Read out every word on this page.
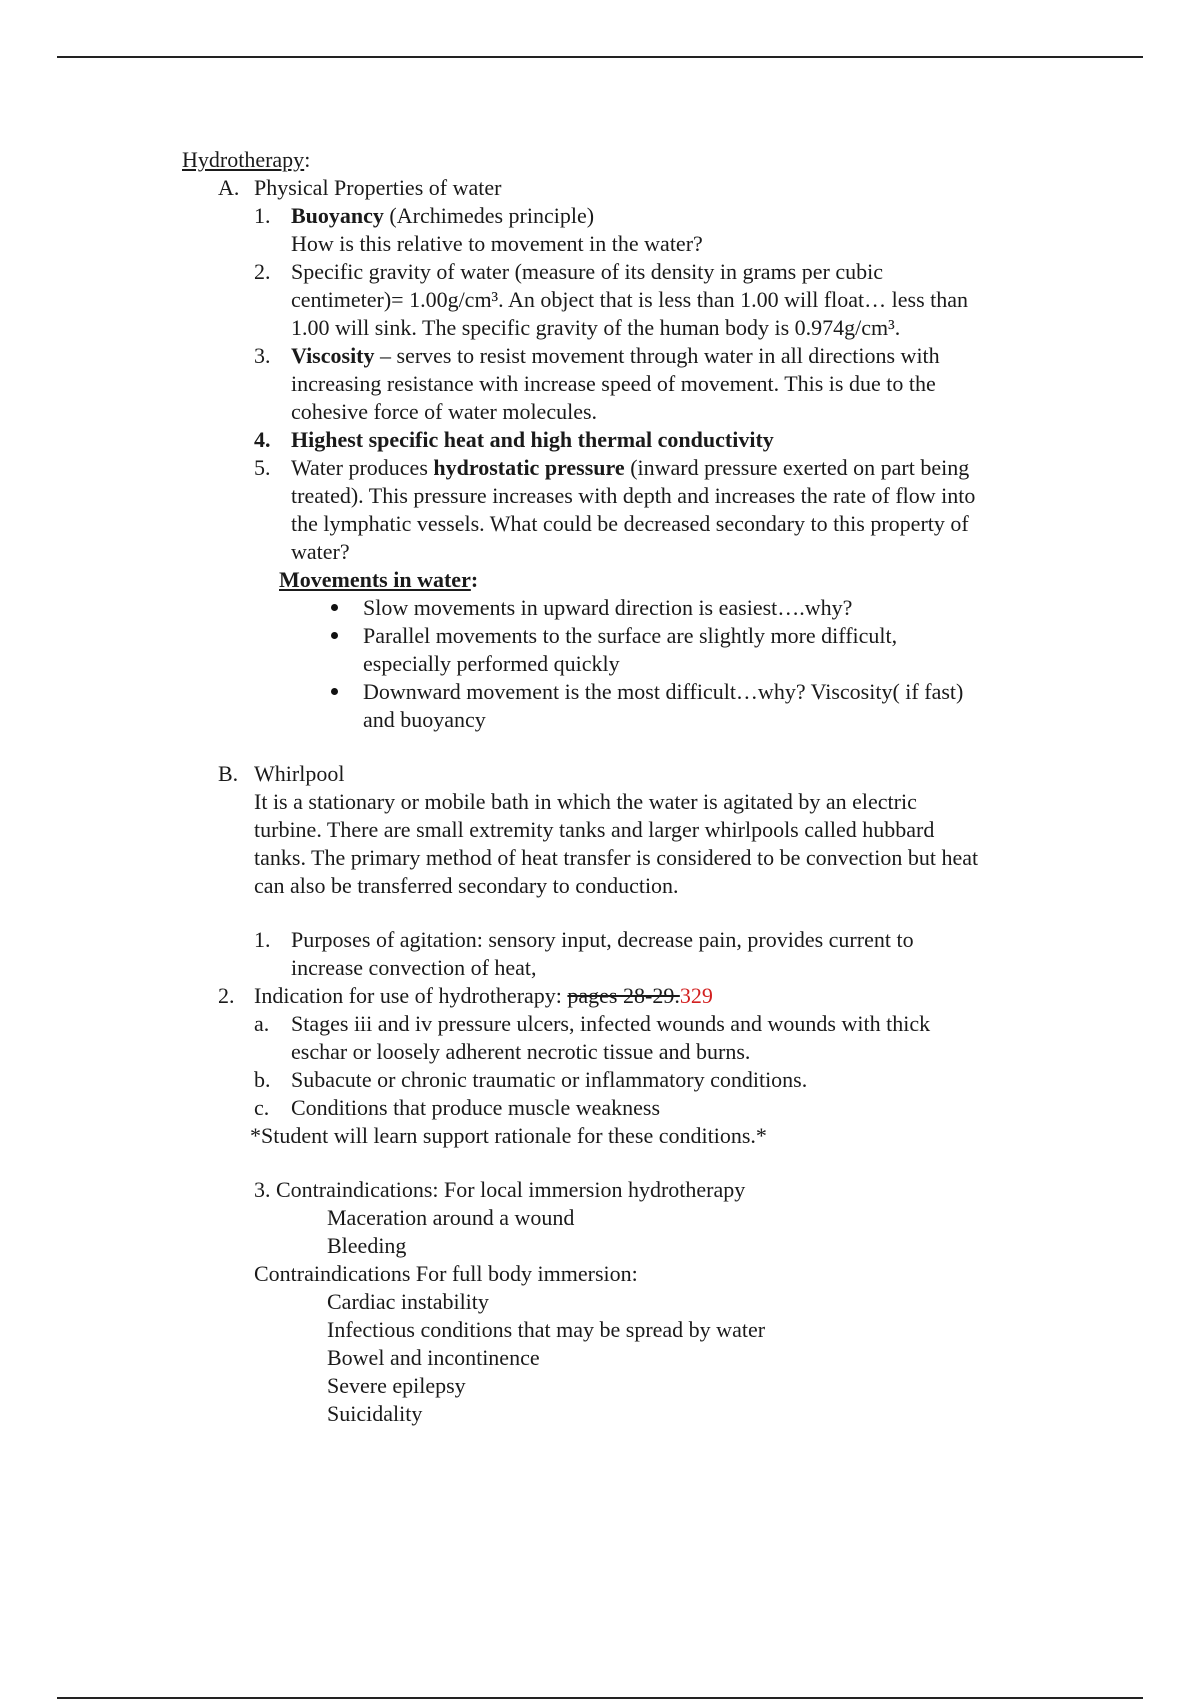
Hydrotherapy:
A. Physical Properties of water
1. Buoyancy (Archimedes principle)
How is this relative to movement in the water?
2. Specific gravity of water (measure of its density in grams per cubic
centimeter)= 1.00g/cm³. An object that is less than 1.00 will float… less than
1.00 will sink. The specific gravity of the human body is 0.974g/cm³.
3. Viscosity – serves to resist movement through water in all directions with
increasing resistance with increase speed of movement. This is due to the
cohesive force of water molecules.
4. Highest specific heat and high thermal conductivity
5. Water produces hydrostatic pressure (inward pressure exerted on part being
treated). This pressure increases with depth and increases the rate of flow into
the lymphatic vessels. What could be decreased secondary to this property of
water?
Movements in water:
Slow movements in upward direction is easiest….why?
Parallel movements to the surface are slightly more difficult,
especially performed quickly
Downward movement is the most difficult…why? Viscosity( if fast)
and buoyancy
B. Whirlpool
It is a stationary or mobile bath in which the water is agitated by an electric
turbine. There are small extremity tanks and larger whirlpools called hubbard
tanks. The primary method of heat transfer is considered to be convection but heat
can also be transferred secondary to conduction.
1. Purposes of agitation: sensory input, decrease pain, provides current to
increase convection of heat,
2. Indication for use of hydrotherapy: pages 28-29.329
a. Stages iii and iv pressure ulcers, infected wounds and wounds with thick
eschar or loosely adherent necrotic tissue and burns.
b. Subacute or chronic traumatic or inflammatory conditions.
c. Conditions that produce muscle weakness
*Student will learn support rationale for these conditions.*
3. Contraindications: For local immersion hydrotherapy
Maceration around a wound
Bleeding
Contraindications For full body immersion:
Cardiac instability
Infectious conditions that may be spread by water
Bowel and incontinence
Severe epilepsy
Suicidality
